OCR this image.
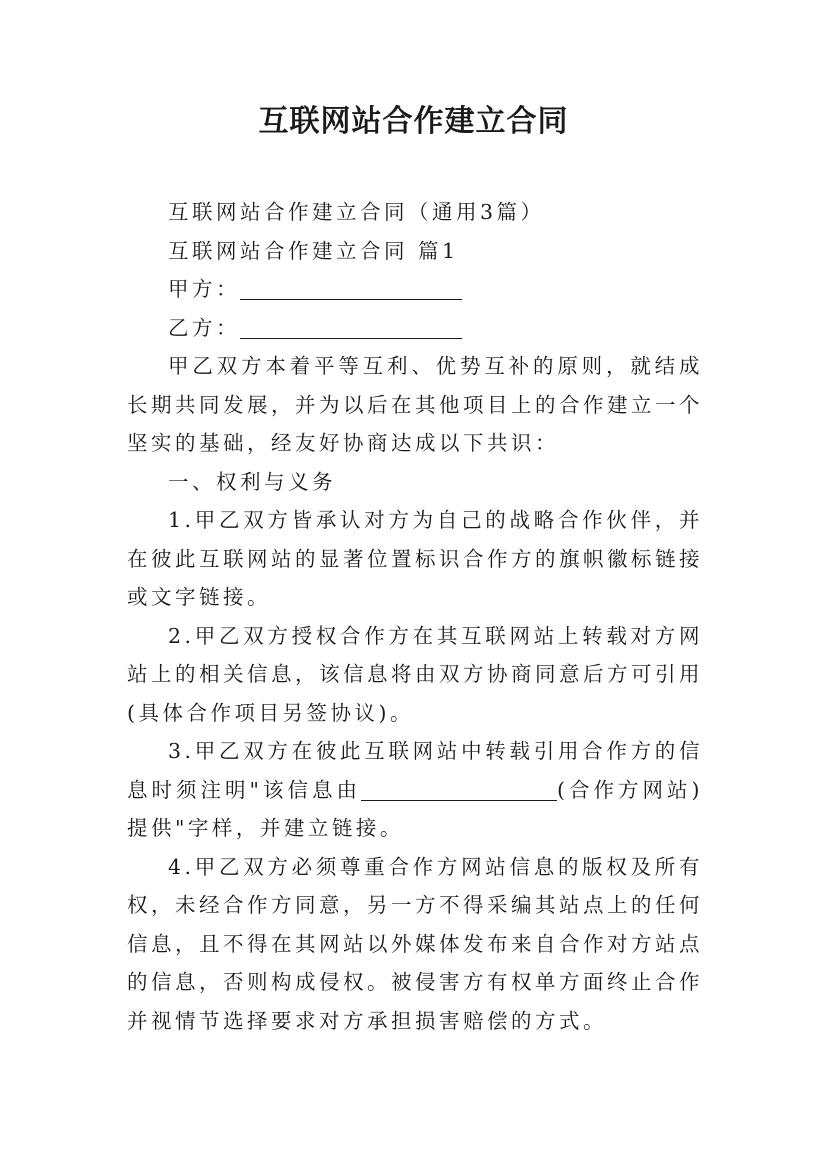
互联网站合作建立合同

互联网站合作建立合同（通用3篇）

互联网站合作建立合同 篇1

甲方：

乙方：

甲乙双方本着平等互利、优势互补的原则，就结成长期共同发展，并为以后在其他项目上的合作建立一个坚实的基础，经友好协商达成以下共识：

一、权利与义务

1.甲乙双方皆承认对方为自己的战略合作伙伴，并在彼此互联网站的显著位置标识合作方的旗帜徽标链接或文字链接。

2.甲乙双方授权合作方在其互联网站上转载对方网站上的相关信息，该信息将由双方协商同意后方可引用(具体合作项目另签协议)。

3.甲乙双方在彼此互联网站中转载引用合作方的信息时须注明"该信息由	(合作方网站)提供"字样，并建立链接。

4.甲乙双方必须尊重合作方网站信息的版权及所有权，未经合作方同意，另一方不得采编其站点上的任何信息，且不得在其网站以外媒体发布来自合作对方站点的信息，否则构成侵权。被侵害方有权单方面终止合作并视情节选择要求对方承担损害赔偿的方式。
